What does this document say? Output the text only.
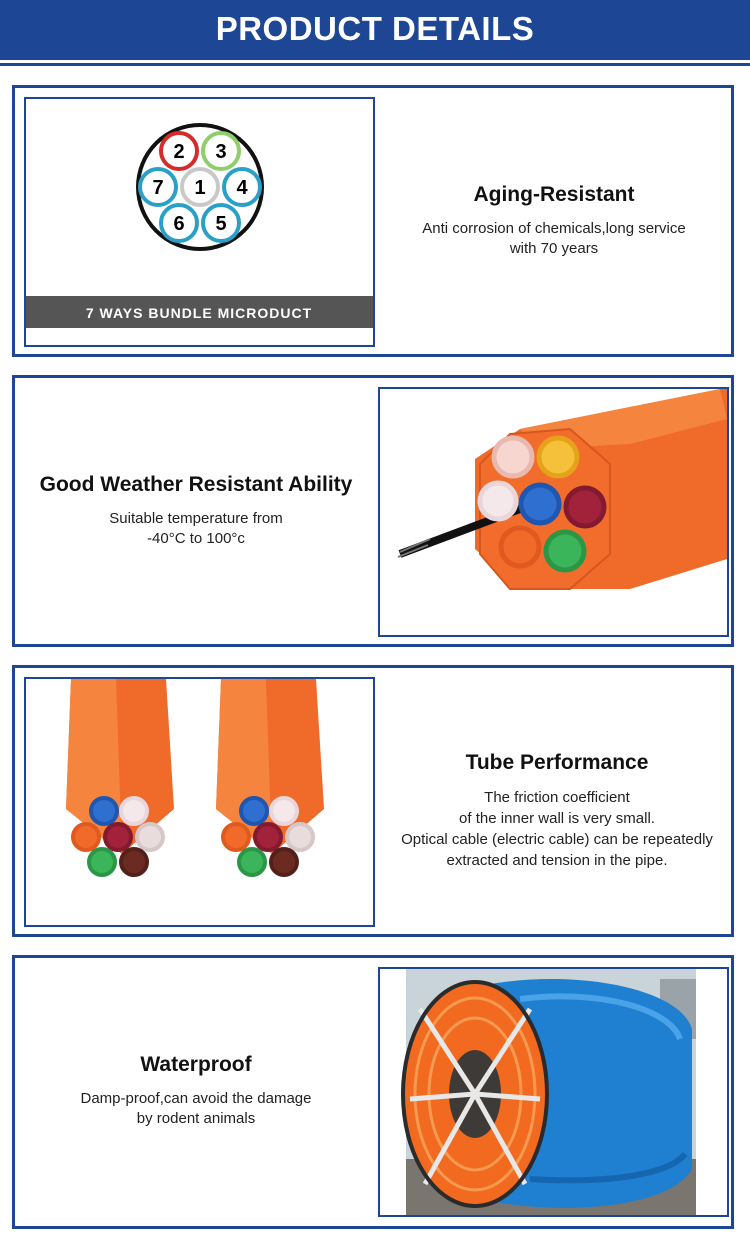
PRODUCT DETAILS
2 3
7 1 4
6 5
7 WAYS BUNDLE MICRODUCT
Aging-Resistant
Anti corrosion of chemicals,long service
with 70 years
Good Weather Resistant Ability
Suitable temperature from
-40°C to 100°c
Tube Performance
The friction coefficient
of the inner wall is very small.
Optical cable (electric cable) can be repeatedly
extracted and tension in the pipe.
Waterproof
Damp-proof,can avoid the damage
by rodent animals
